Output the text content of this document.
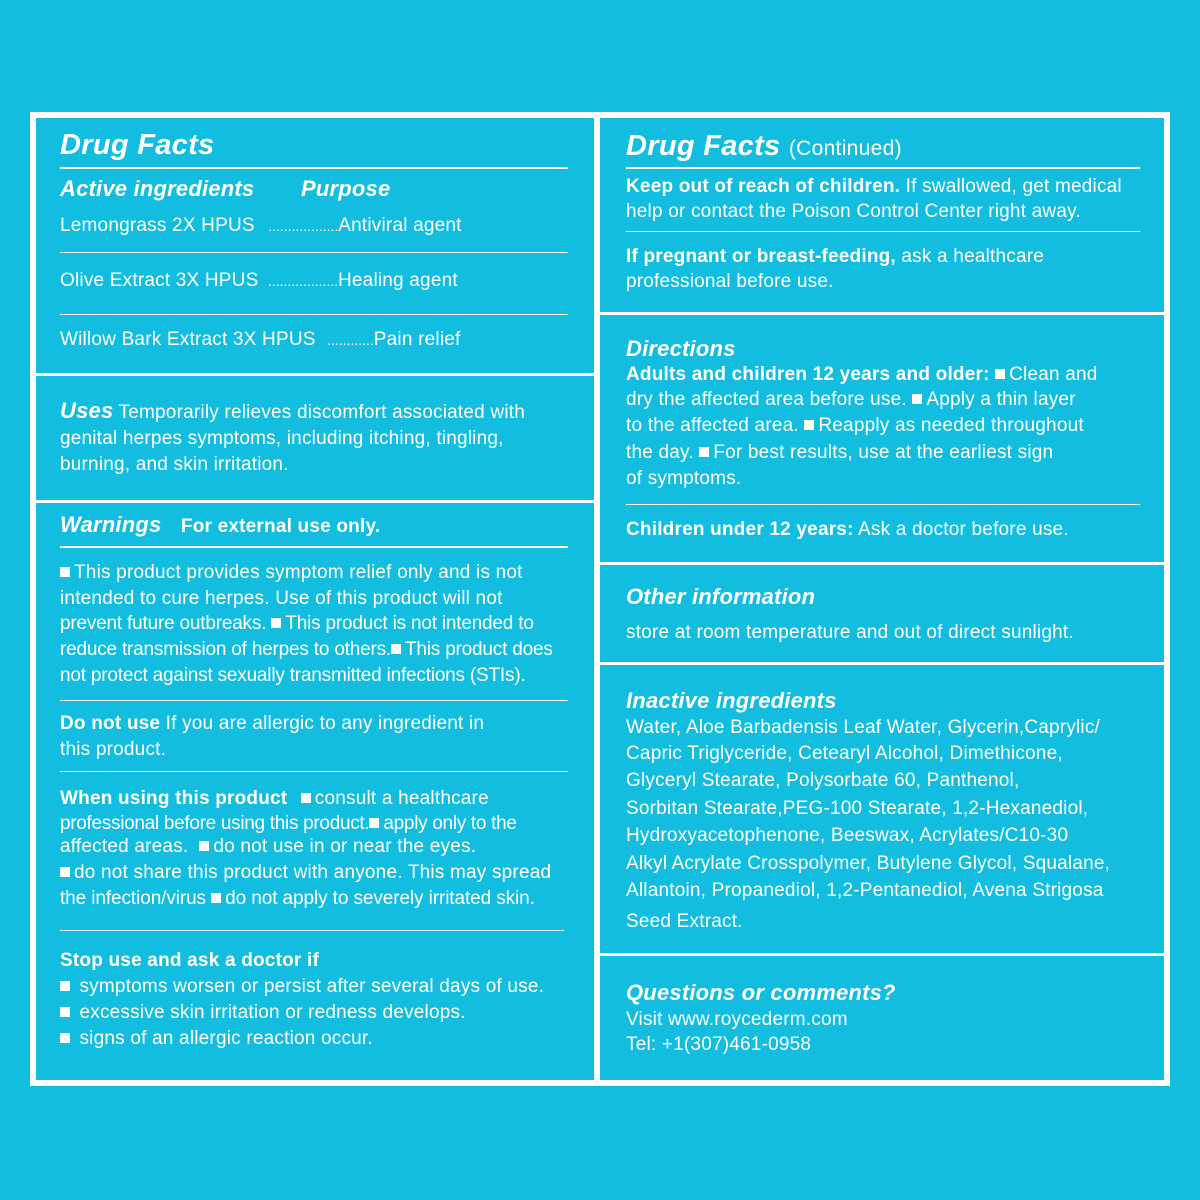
Drug Facts
Active ingredients Purpose
Lemongrass 2X HPUS ..................Antiviral agent
Olive Extract 3X HPUS ..................Healing agent
Willow Bark Extract 3X HPUS ............Pain relief
Uses Temporarily relieves discomfort associated with
genital herpes symptoms, including itching, tingling,
burning, and skin irritation.
Warnings For external use only.
This product provides symptom relief only and is not
intended to cure herpes. Use of this product will not
prevent future outbreaks. This product is not intended to
reduce transmission of herpes to others. This product does
not protect against sexually transmitted infections (STIs).
Do not use If you are allergic to any ingredient in
this product.
When using this product consult a healthcare
professional before using this product. apply only to the
affected areas. do not use in or near the eyes.
do not share this product with anyone. This may spread
the infection/virus do not apply to severely irritated skin.
Stop use and ask a doctor if
symptoms worsen or persist after several days of use.
excessive skin irritation or redness develops.
signs of an allergic reaction occur.
Drug Facts (Continued)
Keep out of reach of children. If swallowed, get medical
help or contact the Poison Control Center right away.
If pregnant or breast-feeding, ask a healthcare
professional before use.
Directions
Adults and children 12 years and older: Clean and
dry the affected area before use. Apply a thin layer
to the affected area. Reapply as needed throughout
the day. For best results, use at the earliest sign
of symptoms.
Children under 12 years: Ask a doctor before use.
Other information
store at room temperature and out of direct sunlight.
Inactive ingredients
Water, Aloe Barbadensis Leaf Water, Glycerin,Caprylic/
Capric Triglyceride, Cetearyl Alcohol, Dimethicone,
Glyceryl Stearate, Polysorbate 60, Panthenol,
Sorbitan Stearate,PEG-100 Stearate, 1,2-Hexanediol,
Hydroxyacetophenone, Beeswax, Acrylates/C10-30
Alkyl Acrylate Crosspolymer, Butylene Glycol, Squalane,
Allantoin, Propanediol, 1,2-Pentanediol, Avena Strigosa
Seed Extract.
Questions or comments?
Visit www.roycederm.com
Tel: +1(307)461-0958
